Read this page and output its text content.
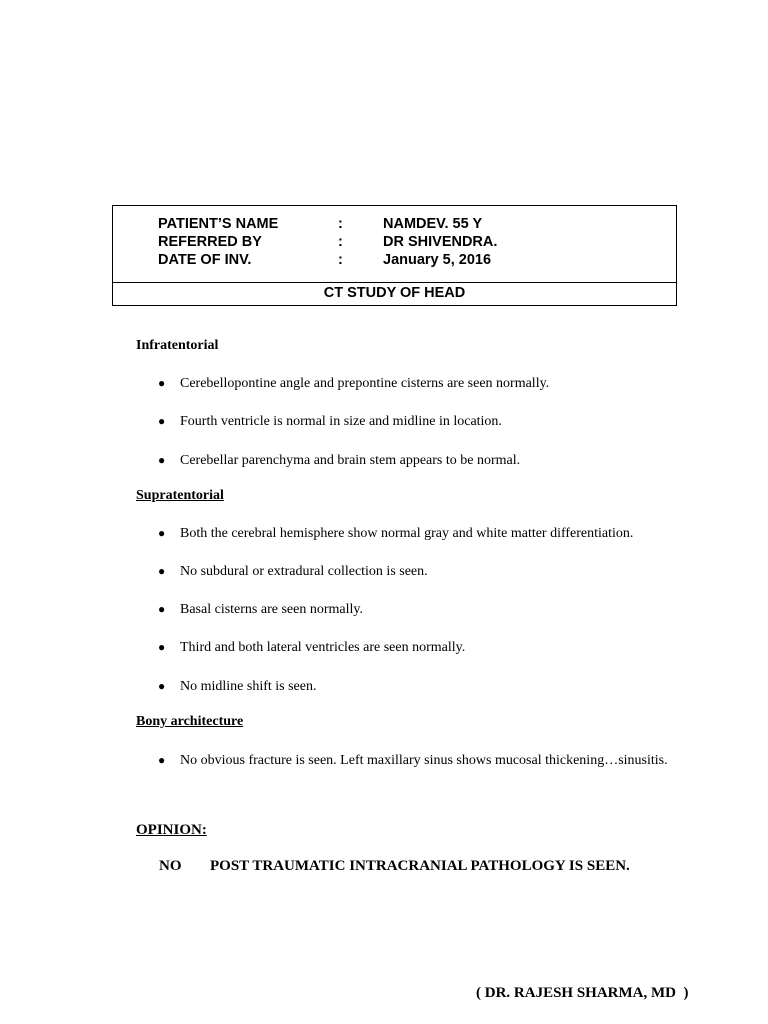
PATIENT’S NAME	:	NAMDEV. 55 Y
REFERRED BY	:	DR SHIVENDRA.
DATE OF INV.	:	January 5, 2016
CT STUDY OF HEAD
Infratentorial
● Cerebellopontine angle and prepontine cisterns are seen normally.
● Fourth ventricle is normal in size and midline in location.
● Cerebellar parenchyma and brain stem appears to be normal.
Supratentorial
● Both the cerebral hemisphere show normal gray and white matter differentiation.
● No subdural or extradural collection is seen.
● Basal cisterns are seen normally.
● Third and both lateral ventricles are seen normally.
● No midline shift is seen.
Bony architecture
● No obvious fracture is seen. Left maxillary sinus shows mucosal thickening…sinusitis.
OPINION:
NO POST TRAUMATIC INTRACRANIAL PATHOLOGY IS SEEN.
( DR. RAJESH SHARMA, MD  )
